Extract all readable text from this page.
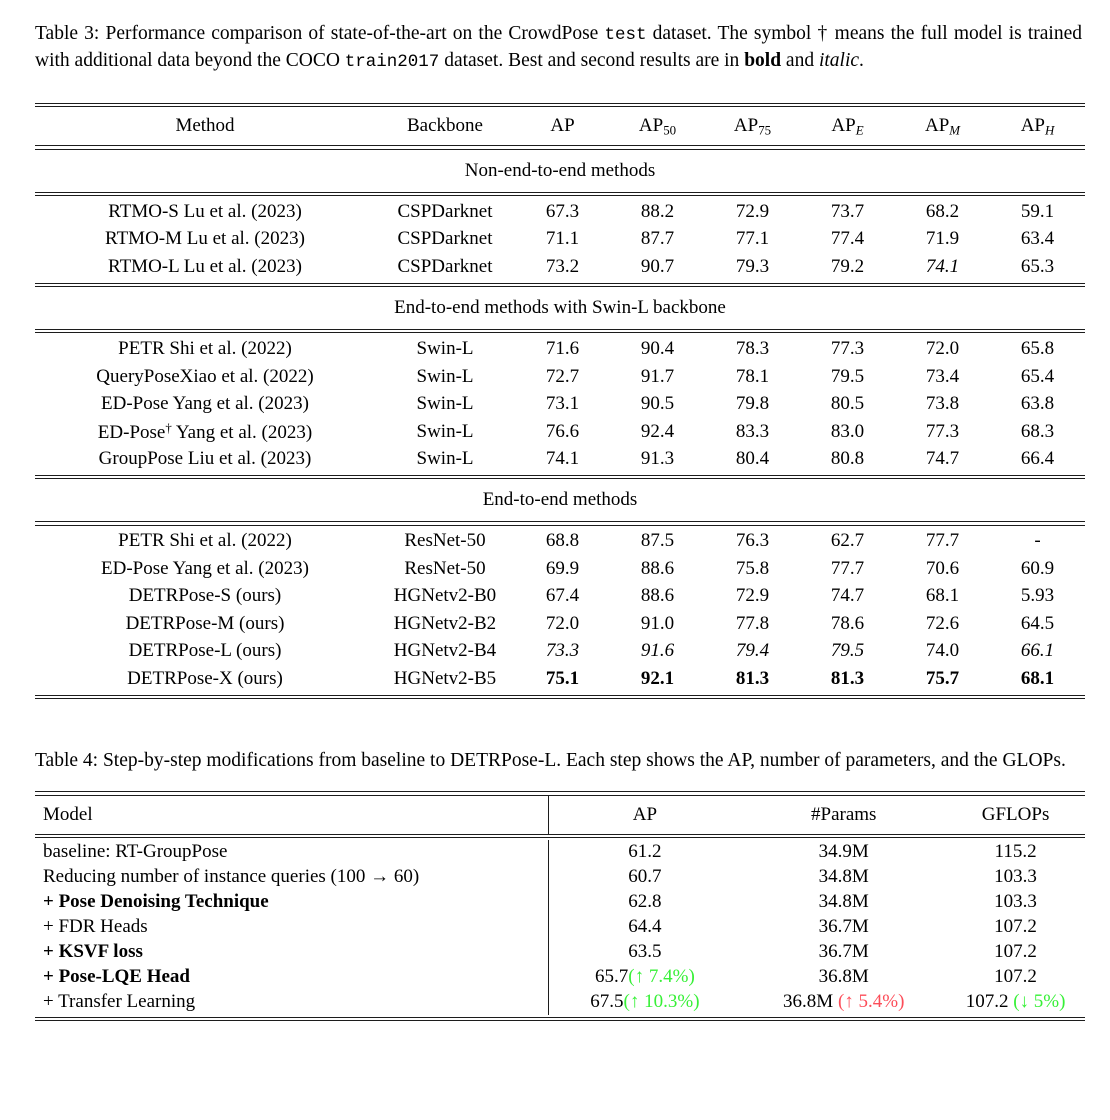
Table 3: Performance comparison of state-of-the-art on the CrowdPose test dataset. The symbol † means the full model is trained with additional data beyond the COCO train2017 dataset. Best and second results are in bold and italic.

Method	Backbone	AP	$AP_{50}$	$AP_{75}$	$AP_E$	$AP_M$	$AP_H$
Non-end-to-end methods
RTMO-S Lu et al. (2023)	CSPDarknet	67.3	88.2	72.9	73.7	68.2	59.1
RTMO-M Lu et al. (2023)	CSPDarknet	71.1	87.7	77.1	77.4	71.9	63.4
RTMO-L Lu et al. (2023)	CSPDarknet	73.2	90.7	79.3	79.2	74.1	65.3
End-to-end methods with Swin-L backbone
PETR Shi et al. (2022)	Swin-L	71.6	90.4	78.3	77.3	72.0	65.8
QueryPoseXiao et al. (2022)	Swin-L	72.7	91.7	78.1	79.5	73.4	65.4
ED-Pose Yang et al. (2023)	Swin-L	73.1	90.5	79.8	80.5	73.8	63.8
ED-Pose† Yang et al. (2023)	Swin-L	76.6	92.4	83.3	83.0	77.3	68.3
GroupPose Liu et al. (2023)	Swin-L	74.1	91.3	80.4	80.8	74.7	66.4
End-to-end methods
PETR Shi et al. (2022)	ResNet-50	68.8	87.5	76.3	62.7	77.7	-
ED-Pose Yang et al. (2023)	ResNet-50	69.9	88.6	75.8	77.7	70.6	60.9
DETRPose-S (ours)	HGNetv2-B0	67.4	88.6	72.9	74.7	68.1	5.93
DETRPose-M (ours)	HGNetv2-B2	72.0	91.0	77.8	78.6	72.6	64.5
DETRPose-L (ours)	HGNetv2-B4	73.3	91.6	79.4	79.5	74.0	66.1
DETRPose-X (ours)	HGNetv2-B5	75.1	92.1	81.3	81.3	75.7	68.1

Table 4: Step-by-step modifications from baseline to DETRPose-L. Each step shows the AP, number of parameters, and the GLOPs.

Model	AP	#Params	GFLOPs
baseline: RT-GroupPose	61.2	34.9M	115.2
Reducing number of instance queries (100 → 60)	60.7	34.8M	103.3
+ Pose Denoising Technique	62.8	34.8M	103.3
+ FDR Heads	64.4	36.7M	107.2
+ KSVF loss	63.5	36.7M	107.2
+ Pose-LQE Head	65.7 (↑ 7.4%)	36.8M	107.2
+ Transfer Learning	67.5 (↑ 10.3%)	36.8M (↑ 5.4%)	107.2 (↓ 5%)
